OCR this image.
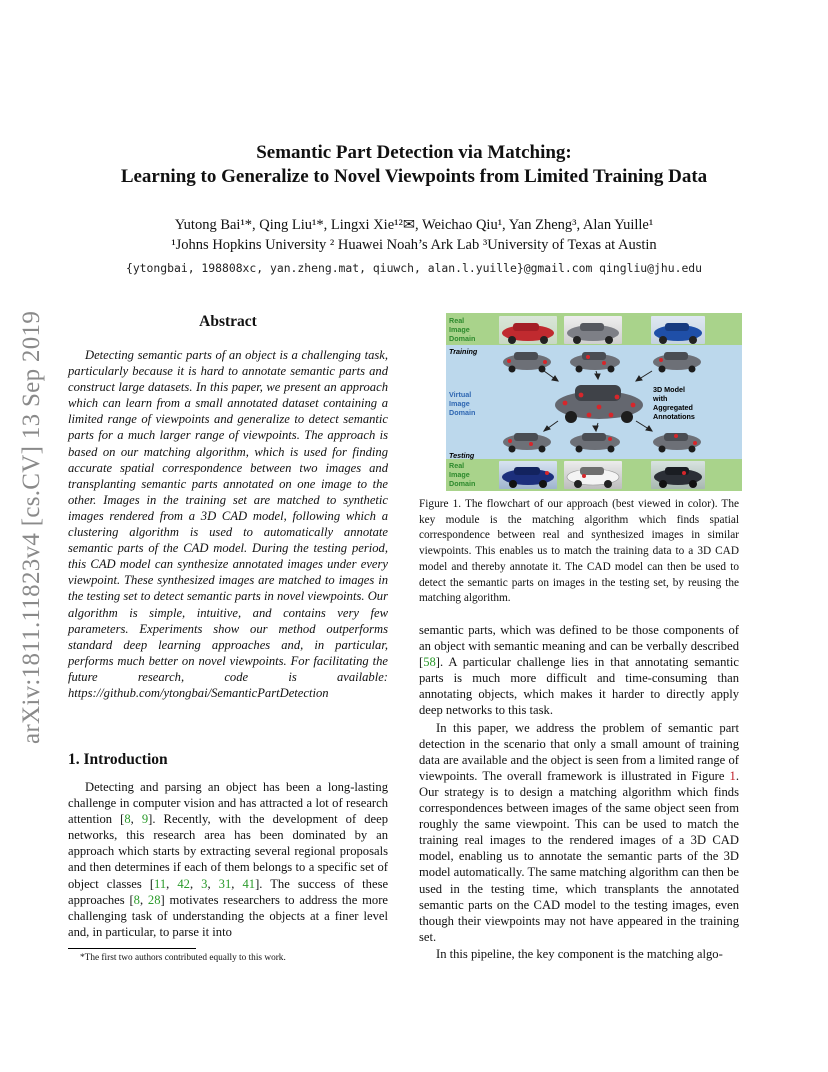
arXiv:1811.11823v4 [cs.CV] 13 Sep 2019
Semantic Part Detection via Matching:
Learning to Generalize to Novel Viewpoints from Limited Training Data
Yutong Bai¹*, Qing Liu¹*, Lingxi Xie¹²✉, Weichao Qiu¹, Yan Zheng³, Alan Yuille¹
¹Johns Hopkins University ² Huawei Noah’s Ark Lab ³University of Texas at Austin
{ytongbai, 198808xc, yan.zheng.mat, qiuwch, alan.l.yuille}@gmail.com qingliu@jhu.edu
Abstract

Detecting semantic parts of an object is a challenging task, particularly because it is hard to annotate semantic parts and construct large datasets. In this paper, we present an approach which can learn from a small annotated dataset containing a limited range of viewpoints and generalize to detect semantic parts for a much larger range of viewpoints. The approach is based on our matching algorithm, which is used for finding accurate spatial correspondence between two images and transplanting semantic parts annotated on one image to the other. Images in the training set are matched to synthetic images rendered from a 3D CAD model, following which a clustering algorithm is used to automatically annotate semantic parts of the CAD model. During the testing period, this CAD model can synthesize annotated images under every viewpoint. These synthesized images are matched to images in the testing set to detect semantic parts in novel viewpoints. Our algorithm is simple, intuitive, and contains very few parameters. Experiments show our method outperforms standard deep learning approaches and, in particular, performs much better on novel viewpoints. For facilitating the future research, code is available: https://github.com/ytongbai/SemanticPartDetection

1. Introduction

Detecting and parsing an object has been a long-lasting challenge in computer vision and has attracted a lot of research attention [8, 9]. Recently, with the development of deep networks, this research area has been dominated by an approach which starts by extracting several regional proposals and then determines if each of them belongs to a specific set of object classes [11, 42, 3, 31, 41]. The success of these approaches [8, 28] motivates researchers to address the more challenging task of understanding the objects at a finer level and, in particular, to parse it into

*The first two authors contributed equally to this work.
Real
Image
Domain
Training
Virtual
Image
Domain
3D Model
with
Aggregated
Annotations
Testing
Real
Image
Domain
Figure 1. The flowchart of our approach (best viewed in color). The key module is the matching algorithm which finds spatial correspondence between real and synthesized images in similar viewpoints. This enables us to match the training data to a 3D CAD model and thereby annotate it. The CAD model can then be used to detect the semantic parts on images in the testing set, by reusing the matching algorithm.

semantic parts, which was defined to be those components of an object with semantic meaning and can be verbally described [58]. A particular challenge lies in that annotating semantic parts is much more difficult and time-consuming than annotating objects, which makes it harder to directly apply deep networks to this task.

In this paper, we address the problem of semantic part detection in the scenario that only a small amount of training data are available and the object is seen from a limited range of viewpoints. The overall framework is illustrated in Figure 1. Our strategy is to design a matching algorithm which finds correspondences between images of the same object seen from roughly the same viewpoint. This can be used to match the training real images to the rendered images of a 3D CAD model, enabling us to annotate the semantic parts of the 3D model automatically. The same matching algorithm can then be used in the testing time, which transplants the annotated semantic parts on the CAD model to the testing images, even though their viewpoints may not have appeared in the training set.

In this pipeline, the key component is the matching algo-
